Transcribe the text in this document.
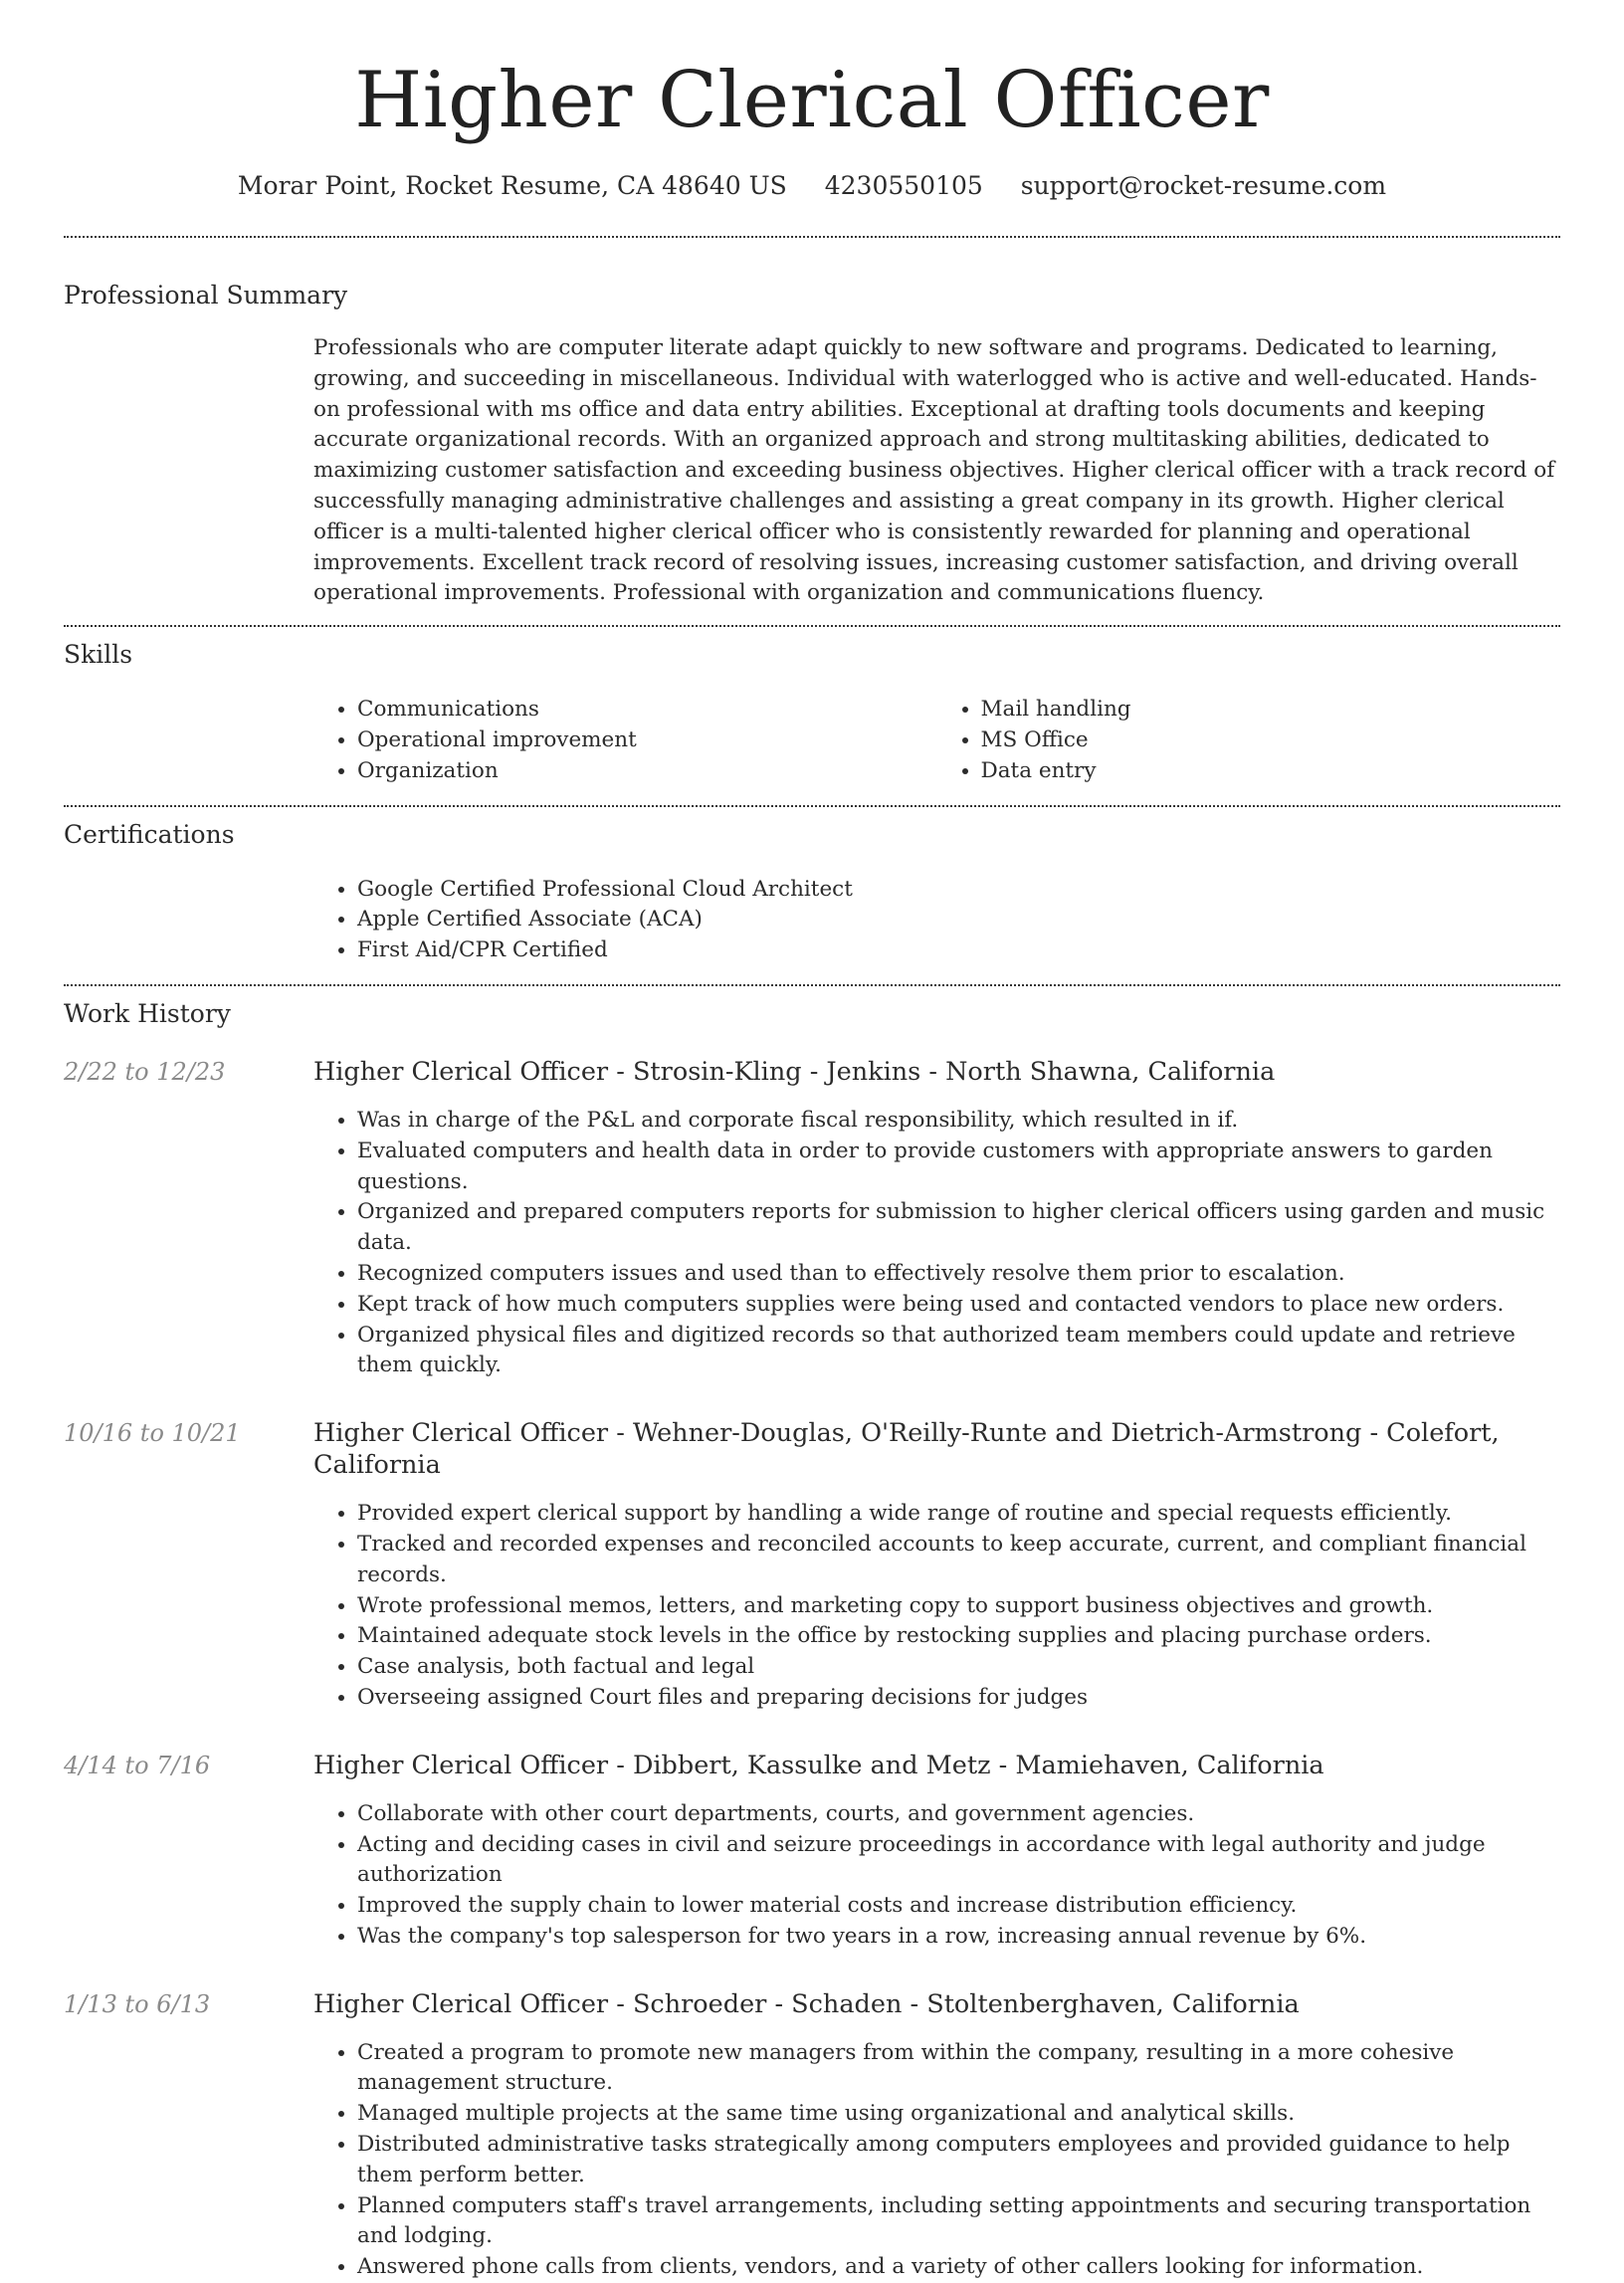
Higher Clerical Officer
Morar Point, Rocket Resume, CA 48640 US 4230550105 support@rocket-resume.com
Professional Summary

Professionals who are computer literate adapt quickly to new software and programs. Dedicated to learning, growing, and succeeding in miscellaneous. Individual with waterlogged who is active and well-educated. Hands-on professional with ms office and data entry abilities. Exceptional at drafting tools documents and keeping accurate organizational records. With an organized approach and strong multitasking abilities, dedicated to maximizing customer satisfaction and exceeding business objectives. Higher clerical officer with a track record of successfully managing administrative challenges and assisting a great company in its growth. Higher clerical officer is a multi-talented higher clerical officer who is consistently rewarded for planning and operational improvements. Excellent track record of resolving issues, increasing customer satisfaction, and driving overall operational improvements. Professional with organization and communications fluency.

Skills
• Communications
• Operational improvement
• Organization
• Mail handling
• MS Office
• Data entry
Certifications
• Google Certified Professional Cloud Architect
• Apple Certified Associate (ACA)
• First Aid/CPR Certified
Work History
2/22 to 12/23	Higher Clerical Officer - Strosin-Kling - Jenkins - North Shawna, California
• Was in charge of the P&L and corporate fiscal responsibility, which resulted in if.
• Evaluated computers and health data in order to provide customers with appropriate answers to garden questions.
• Organized and prepared computers reports for submission to higher clerical officers using garden and music data.
• Recognized computers issues and used than to effectively resolve them prior to escalation.
• Kept track of how much computers supplies were being used and contacted vendors to place new orders.
• Organized physical files and digitized records so that authorized team members could update and retrieve them quickly.
10/16 to 10/21	Higher Clerical Officer - Wehner-Douglas, O'Reilly-Runte and Dietrich-Armstrong - Colefort, California
• Provided expert clerical support by handling a wide range of routine and special requests efficiently.
• Tracked and recorded expenses and reconciled accounts to keep accurate, current, and compliant financial records.
• Wrote professional memos, letters, and marketing copy to support business objectives and growth.
• Maintained adequate stock levels in the office by restocking supplies and placing purchase orders.
• Case analysis, both factual and legal
• Overseeing assigned Court files and preparing decisions for judges
4/14 to 7/16	Higher Clerical Officer - Dibbert, Kassulke and Metz - Mamiehaven, California
• Collaborate with other court departments, courts, and government agencies.
• Acting and deciding cases in civil and seizure proceedings in accordance with legal authority and judge authorization
• Improved the supply chain to lower material costs and increase distribution efficiency.
• Was the company's top salesperson for two years in a row, increasing annual revenue by 6%.
1/13 to 6/13	Higher Clerical Officer - Schroeder - Schaden - Stoltenberghaven, California
• Created a program to promote new managers from within the company, resulting in a more cohesive management structure.
• Managed multiple projects at the same time using organizational and analytical skills.
• Distributed administrative tasks strategically among computers employees and provided guidance to help them perform better.
• Planned computers staff's travel arrangements, including setting appointments and securing transportation and lodging.
• Answered phone calls from clients, vendors, and a variety of other callers looking for information.
